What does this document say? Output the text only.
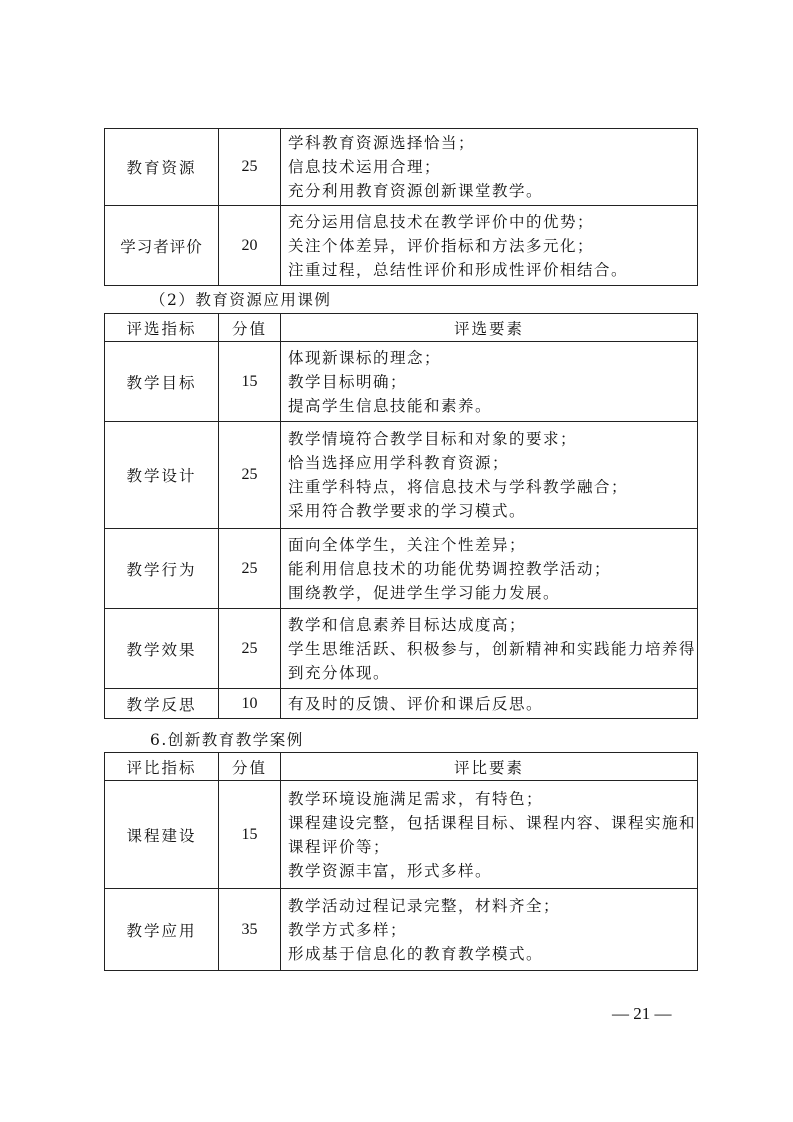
教育资源	25	学科教育资源选择恰当；
信息技术运用合理；
充分利用教育资源创新课堂教学。

学习者评价	20	充分运用信息技术在教学评价中的优势；
关注个体差异，评价指标和方法多元化；
注重过程，总结性评价和形成性评价相结合。
（2）教育资源应用课例
评选指标	分值	评选要素
教学目标	15	体现新课标的理念；
教学目标明确；
提高学生信息技能和素养。

教学设计	25	教学情境符合教学目标和对象的要求；
恰当选择应用学科教育资源；
注重学科特点，将信息技术与学科教学融合；
采用符合教学要求的学习模式。

教学行为	25	面向全体学生，关注个性差异；
能利用信息技术的功能优势调控教学活动；
围绕教学，促进学生学习能力发展。

教学效果	25	教学和信息素养目标达成度高；
学生思维活跃、积极参与，创新精神和实践能力培养得到充分体现。

教学反思	10	有及时的反馈、评价和课后反思。
6.创新教育教学案例
评比指标	分值	评比要素
课程建设	15	教学环境设施满足需求，有特色；
课程建设完整，包括课程目标、课程内容、课程实施和课程评价等；
教学资源丰富，形式多样。

教学应用	35	教学活动过程记录完整，材料齐全；
教学方式多样；
形成基于信息化的教育教学模式。
— 21 —
